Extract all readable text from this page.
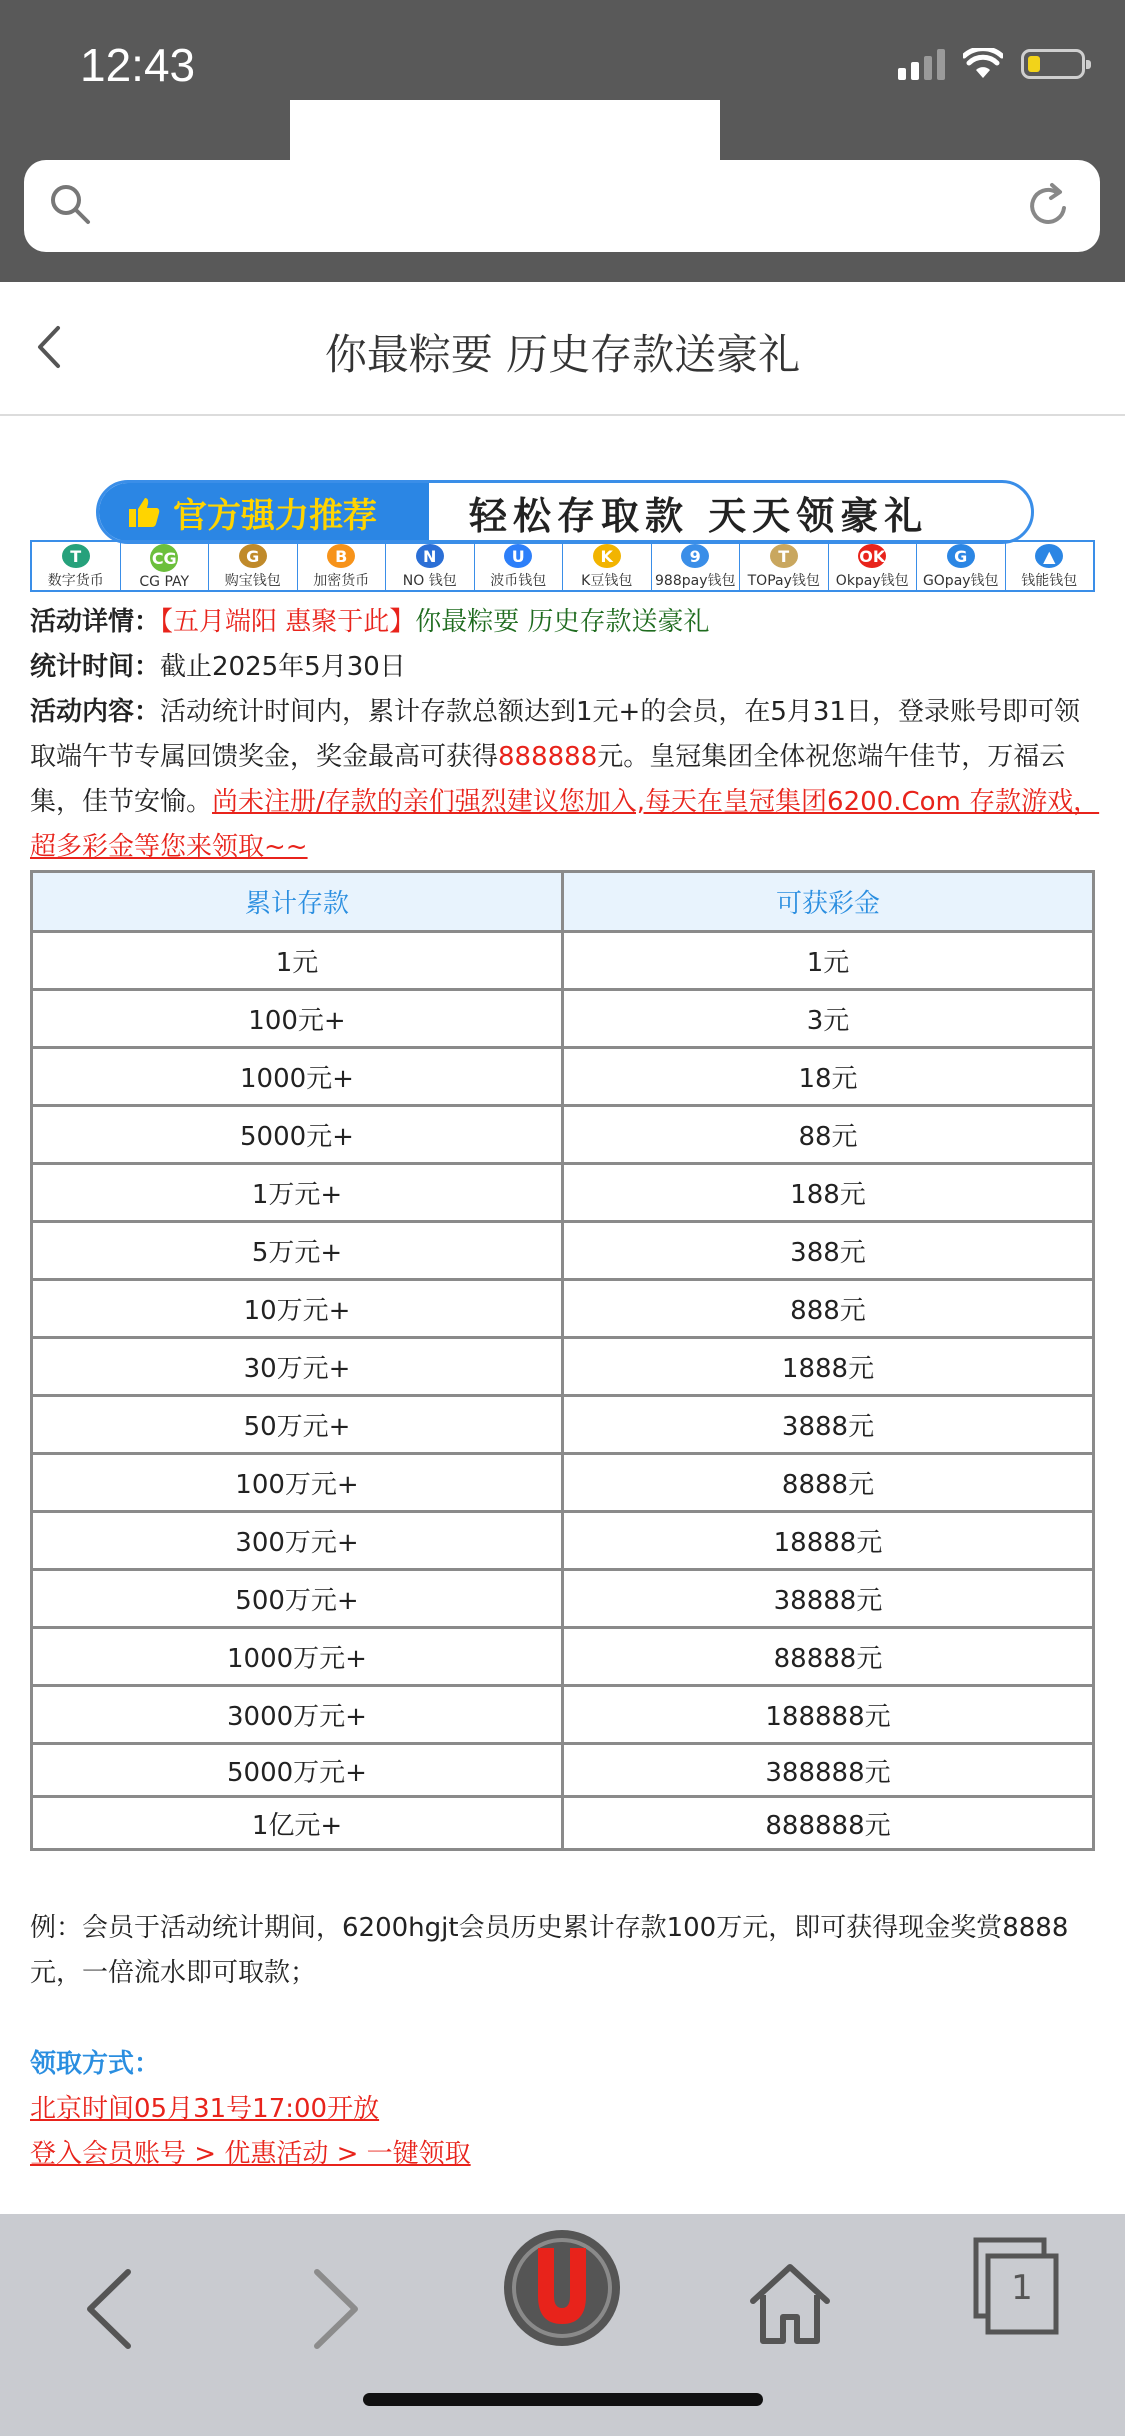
12:43
你最粽要 历史存款送豪礼
官方强力推荐 轻松存取款 天天领豪礼
T
数字货币
CG
CG PAY
G
购宝钱包
B
加密货币
N
NO 钱包
U
波币钱包
K
K豆钱包
9
988pay钱包
T
TOPay钱包
OK
Okpay钱包
G
GOpay钱包
▲
钱能钱包
活动详情：【五月端阳 惠聚于此】你最粽要 历史存款送豪礼
统计时间：截止2025年5月30日
活动内容：活动统计时间内，累计存款总额达到1元+的会员，在5月31日，登录账号即可领取端午节专属回馈奖金，奖金最高可获得888888元。皇冠集团全体祝您端午佳节，万福云集，佳节安愉。尚未注册/存款的亲们强烈建议您加入,每天在皇冠集团6200.Com 存款游戏，超多彩金等您来领取~~
累计存款	可获彩金
1元	1元
100元+	3元
1000元+	18元
5000元+	88元
1万元+	188元
5万元+	388元
10万元+	888元
30万元+	1888元
50万元+	3888元
100万元+	8888元
300万元+	18888元
500万元+	38888元
1000万元+	88888元
3000万元+	188888元
5000万元+	388888元
1亿元+	888888元
例：会员于活动统计期间，6200hgjt会员历史累计存款100万元，即可获得现金奖赏8888元，一倍流水即可取款；
领取方式：
北京时间05月31号17:00开放
登入会员账号 > 优惠活动 > 一键领取
1
